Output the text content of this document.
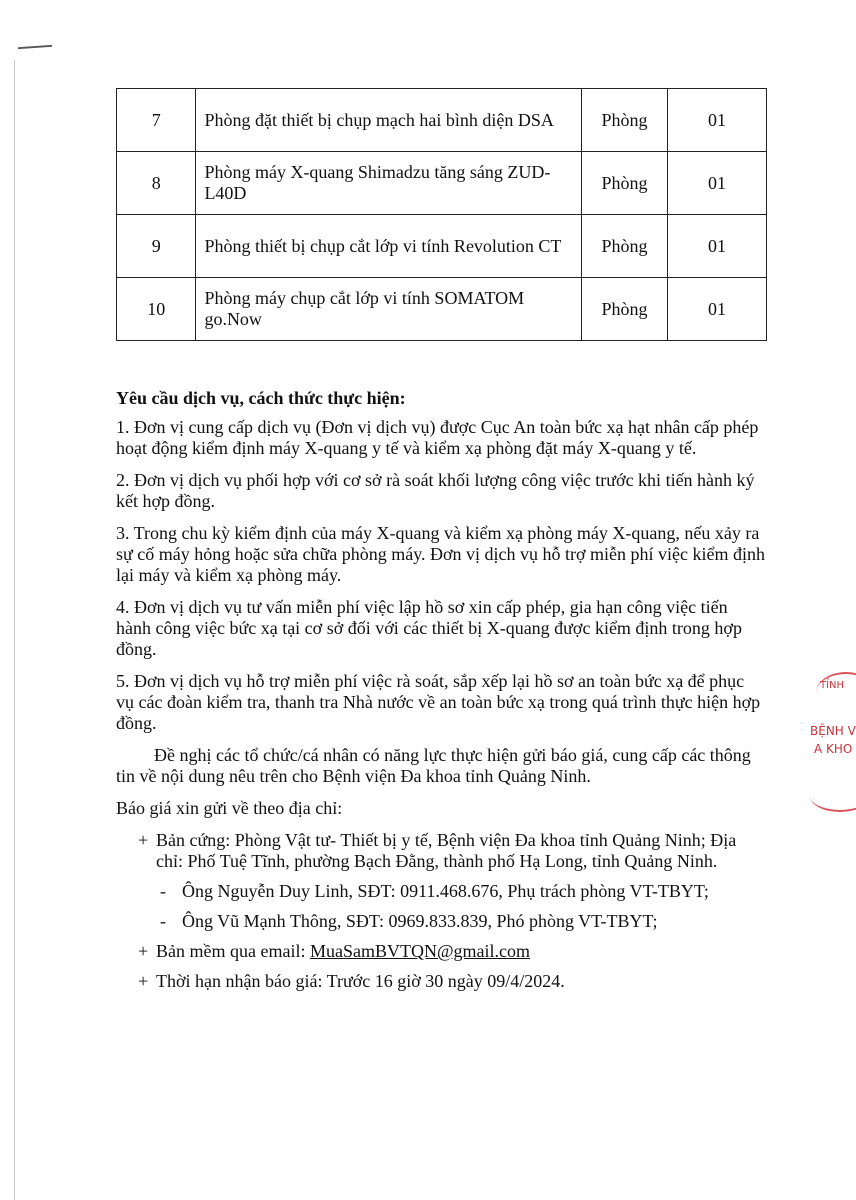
7	Phòng đặt thiết bị chụp mạch hai bình diện DSA	Phòng	01
8	Phòng máy X-quang Shimadzu tăng sáng ZUD-L40D	Phòng	01
9	Phòng thiết bị chụp cắt lớp vi tính Revolution CT	Phòng	01
10	Phòng máy chụp cắt lớp vi tính SOMATOM go.Now	Phòng	01

Yêu cầu dịch vụ, cách thức thực hiện:

1. Đơn vị cung cấp dịch vụ (Đơn vị dịch vụ) được Cục An toàn bức xạ hạt nhân cấp phép hoạt động kiểm định máy X-quang y tế và kiểm xạ phòng đặt máy X-quang y tế.

2. Đơn vị dịch vụ phối hợp với cơ sở rà soát khối lượng công việc trước khi tiến hành ký kết hợp đồng.

3. Trong chu kỳ kiểm định của máy X-quang và kiểm xạ phòng máy X-quang, nếu xảy ra sự cố máy hỏng hoặc sửa chữa phòng máy. Đơn vị dịch vụ hỗ trợ miễn phí việc kiểm định lại máy và kiểm xạ phòng máy.

4. Đơn vị dịch vụ tư vấn miễn phí việc lập hồ sơ xin cấp phép, gia hạn công việc tiến hành công việc bức xạ tại cơ sở đối với các thiết bị X-quang được kiểm định trong hợp đồng.

5. Đơn vị dịch vụ hỗ trợ miễn phí việc rà soát, sắp xếp lại hồ sơ an toàn bức xạ để phục vụ các đoàn kiểm tra, thanh tra Nhà nước về an toàn bức xạ trong quá trình thực hiện hợp đồng.

Đề nghị các tổ chức/cá nhân có năng lực thực hiện gửi báo giá, cung cấp các thông tin về nội dung nêu trên cho Bệnh viện Đa khoa tỉnh Quảng Ninh.

Báo giá xin gửi về theo địa chỉ:

+ Bản cứng: Phòng Vật tư- Thiết bị y tế, Bệnh viện Đa khoa tỉnh Quảng Ninh; Địa chỉ: Phố Tuệ Tĩnh, phường Bạch Đằng, thành phố Hạ Long, tỉnh Quảng Ninh.
- Ông Nguyễn Duy Linh, SĐT: 0911.468.676, Phụ trách phòng VT-TBYT;
- Ông Vũ Mạnh Thông, SĐT: 0969.833.839, Phó phòng VT-TBYT;
+ Bản mềm qua email: MuaSamBVTQN@gmail.com
+ Thời hạn nhận báo giá: Trước 16 giờ 30 ngày 09/4/2024.
TỈNH
BỆNH V
A KHO
